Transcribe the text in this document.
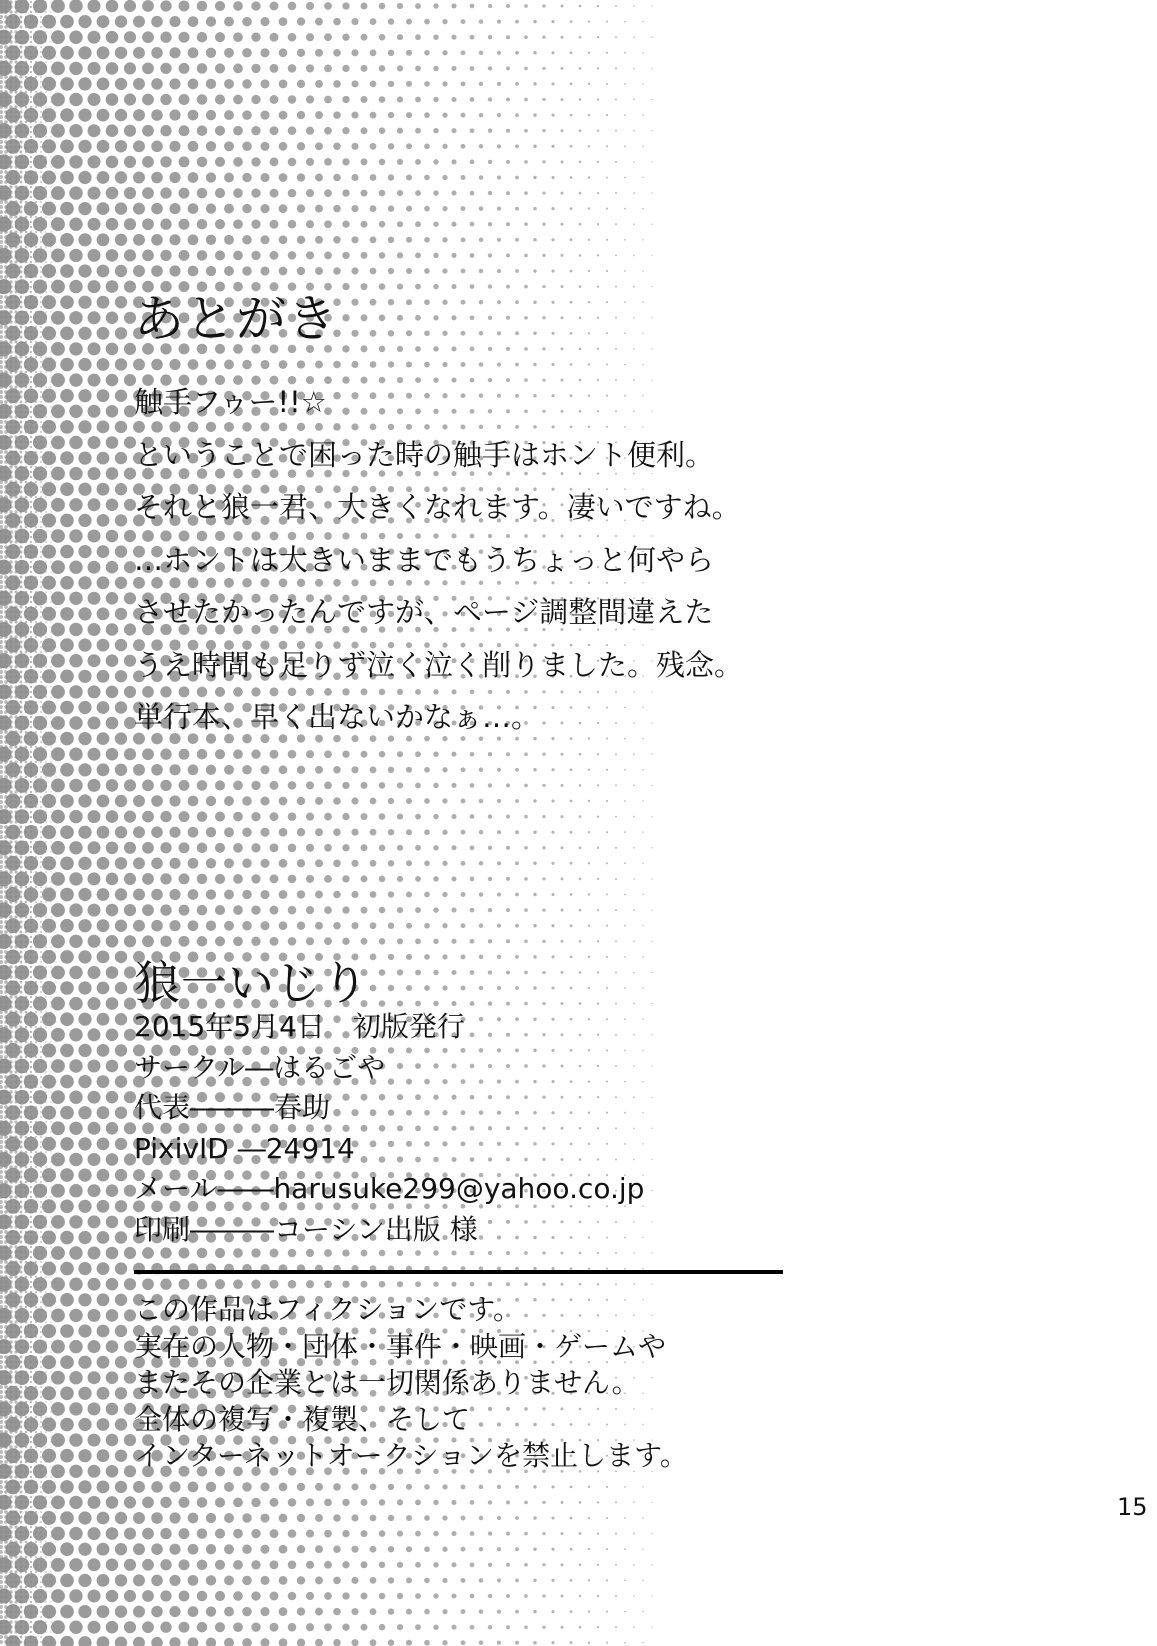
あとがき
触手フゥー!!☆
ということで困った時の触手はホント便利。
それと狼一君、大きくなれます。凄いですね。
…ホントは大きいままでもうちょっと何やら
させたかったんですが、ページ調整間違えた
うえ時間も足りず泣く泣く削りました。残念。
単行本、早く出ないかなぁ…。
狼一いじり
2015年5月4日　初版発行
サークル―はるごや
代表―――春助
PixivID ―24914
メール――harusuke299@yahoo.co.jp
印刷―――コーシン出版 様
この作品はフィクションです。
実在の人物・団体・事件・映画・ゲームや
またその企業とは一切関係ありません。
全体の複写・複製、そして
インターネットオークションを禁止します。
15
